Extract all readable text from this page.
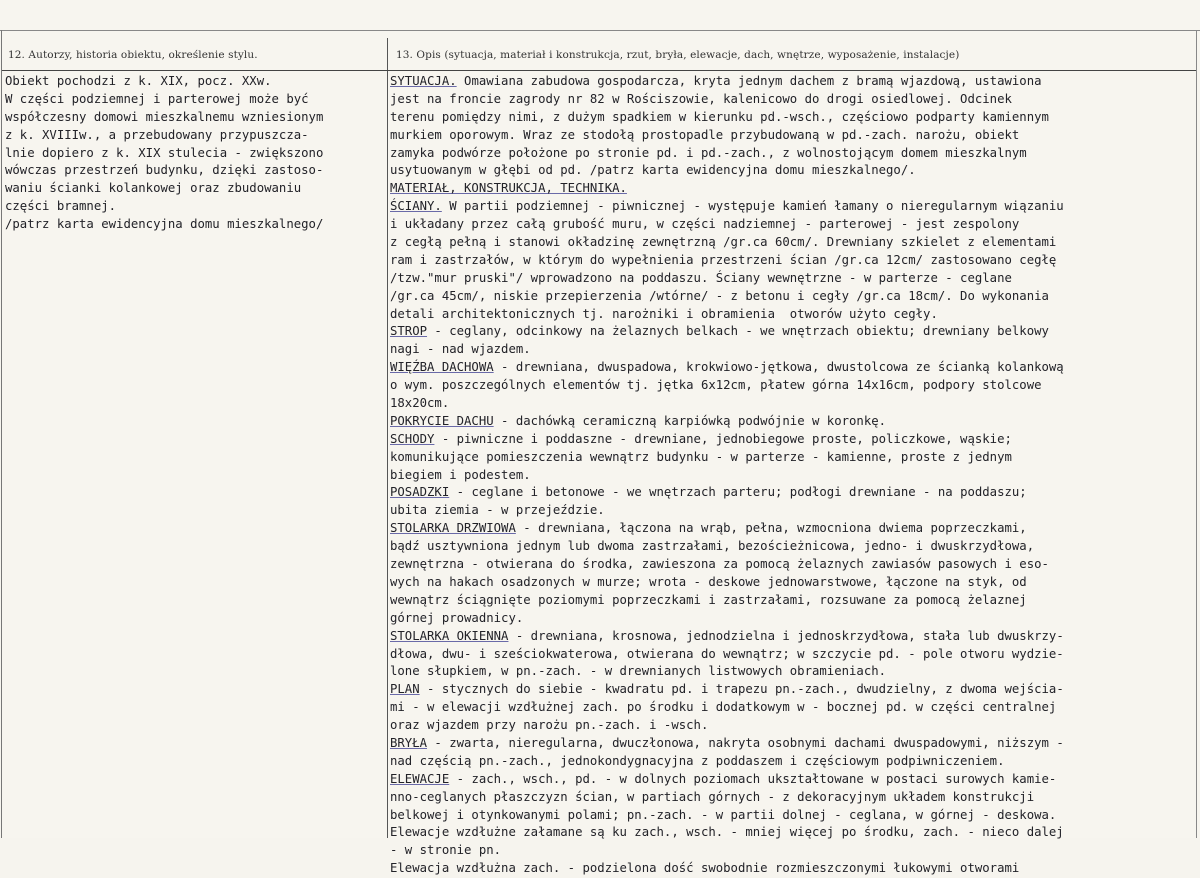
12. Autorzy, historia obiektu, określenie stylu.	13. Opis (sytuacja, materiał i konstrukcja, rzut, bryła, elewacje, dach, wnętrze, wyposażenie, instalacje)
Obiekt pochodzi z k. XIX, pocz. XXw.
W części podziemnej i parterowej może być
współczesny domowi mieszkalnemu wzniesionym
z k. XVIIIw., a przebudowany przypuszcza-
lnie dopiero z k. XIX stulecia - zwiększono
wówczas przestrzeń budynku, dzięki zastoso-
waniu ścianki kolankowej oraz zbudowaniu
części bramnej.
/patrz karta ewidencyjna domu mieszkalnego/
SYTUACJA. Omawiana zabudowa gospodarcza, kryta jednym dachem z bramą wjazdową, ustawiona
jest na froncie zagrody nr 82 w Rościszowie, kalenicowo do drogi osiedlowej. Odcinek
terenu pomiędzy nimi, z dużym spadkiem w kierunku pd.-wsch., częściowo podparty kamiennym
murkiem oporowym. Wraz ze stodołą prostopadle przybudowaną w pd.-zach. narożu, obiekt
zamyka podwórze położone po stronie pd. i pd.-zach., z wolnostojącym domem mieszkalnym
usytuowanym w głębi od pd. /patrz karta ewidencyjna domu mieszkalnego/.
MATERIAŁ, KONSTRUKCJA, TECHNIKA.
ŚCIANY. W partii podziemnej - piwnicznej - występuje kamień łamany o nieregularnym wiązaniu
i układany przez całą grubość muru, w części nadziemnej - parterowej - jest zespolony
z cegłą pełną i stanowi okładzinę zewnętrzną /gr.ca 60cm/. Drewniany szkielet z elementami
ram i zastrzałów, w którym do wypełnienia przestrzeni ścian /gr.ca 12cm/ zastosowano cegłę
/tzw."mur pruski"/ wprowadzono na poddaszu. Ściany wewnętrzne - w parterze - ceglane
/gr.ca 45cm/, niskie przepierzenia /wtórne/ - z betonu i cegły /gr.ca 18cm/. Do wykonania
detali architektonicznych tj. narożniki i obramienia  otworów użyto cegły.
STROP - ceglany, odcinkowy na żelaznych belkach - we wnętrzach obiektu; drewniany belkowy
nagi - nad wjazdem.
WIĘŹBA DACHOWA - drewniana, dwuspadowa, krokwiowo-jętkowa, dwustolcowa ze ścianką kolankową
o wym. poszczególnych elementów tj. jętka 6x12cm, płatew górna 14x16cm, podpory stolcowe
18x20cm.
POKRYCIE DACHU - dachówką ceramiczną karpiówką podwójnie w koronkę.
SCHODY - piwniczne i poddaszne - drewniane, jednobiegowe proste, policzkowe, wąskie;
komunikujące pomieszczenia wewnątrz budynku - w parterze - kamienne, proste z jednym
biegiem i podestem.
POSADZKI - ceglane i betonowe - we wnętrzach parteru; podłogi drewniane - na poddaszu;
ubita ziemia - w przejeździe.
STOLARKA DRZWIOWA - drewniana, łączona na wrąb, pełna, wzmocniona dwiema poprzeczkami,
bądź usztywniona jednym lub dwoma zastrzałami, bezościeżnicowa, jedno- i dwuskrzydłowa,
zewnętrzna - otwierana do środka, zawieszona za pomocą żelaznych zawiasów pasowych i eso-
wych na hakach osadzonych w murze; wrota - deskowe jednowarstwowe, łączone na styk, od
wewnątrz ściągnięte poziomymi poprzeczkami i zastrzałami, rozsuwane za pomocą żelaznej
górnej prowadnicy.
STOLARKA OKIENNA - drewniana, krosnowa, jednodzielna i jednoskrzydłowa, stała lub dwuskrzy-
dłowa, dwu- i sześciokwaterowa, otwierana do wewnątrz; w szczycie pd. - pole otworu wydzie-
lone słupkiem, w pn.-zach. - w drewnianych listwowych obramieniach.
PLAN - stycznych do siebie - kwadratu pd. i trapezu pn.-zach., dwudzielny, z dwoma wejścia-
mi - w elewacji wzdłużnej zach. po środku i dodatkowym w - bocznej pd. w części centralnej
oraz wjazdem przy narożu pn.-zach. i -wsch.
BRYŁA - zwarta, nieregularna, dwuczłonowa, nakryta osobnymi dachami dwuspadowymi, niższym -
nad częścią pn.-zach., jednokondygnacyjna z poddaszem i częściowym podpiwniczeniem.
ELEWACJE - zach., wsch., pd. - w dolnych poziomach ukształtowane w postaci surowych kamie-
nno-ceglanych płaszczyzn ścian, w partiach górnych - z dekoracyjnym układem konstrukcji
belkowej i otynkowanymi polami; pn.-zach. - w partii dolnej - ceglana, w górnej - deskowa.
Elewacje wzdłużne załamane są ku zach., wsch. - mniej więcej po środku, zach. - nieco dalej
- w stronie pn.
Elewacja wzdłużna zach. - podzielona dość swobodnie rozmieszczonymi łukowymi otworami
